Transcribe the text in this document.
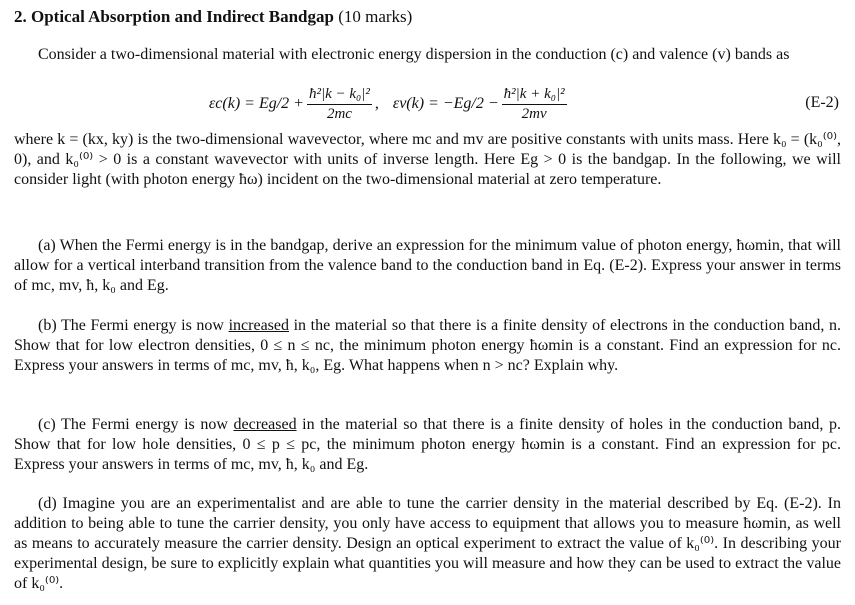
2. Optical Absorption and Indirect Bandgap (10 marks)
Consider a two-dimensional material with electronic energy dispersion in the conduction (c) and valence (v) bands as
$\varepsilon c(k) = Eg/2 + \frac{\text{ħ²|k − k₀|²}}{2mc}$ , $\varepsilon v(k) = -Eg/2 - \frac{\text{ħ²|k + k₀|²}}{2mv}$	(E-2)
where k = (kx, ky) is the two-dimensional wavevector, where mc and mv are positive constants with units mass. Here k₀ = (k₀⁽⁰⁾, 0), and k₀⁽⁰⁾ > 0 is a constant wavevector with units of inverse length. Here Eg > 0 is the bandgap. In the following, we will consider light (with photon energy ħω) incident on the two-dimensional material at zero temperature.
(a) When the Fermi energy is in the bandgap, derive an expression for the minimum value of photon energy, ħωmin, that will allow for a vertical interband transition from the valence band to the conduction band in Eq. (E-2). Express your answer in terms of mc, mv, ħ, k₀ and Eg.
(b) The Fermi energy is now increased in the material so that there is a finite density of electrons in the conduction band, n. Show that for low electron densities, 0 ≤ n ≤ nc, the minimum photon energy ħωmin is a constant. Find an expression for nc. Express your answers in terms of mc, mv, ħ, k₀, Eg. What happens when n > nc? Explain why.
(c) The Fermi energy is now decreased in the material so that there is a finite density of holes in the conduction band, p. Show that for low hole densities, 0 ≤ p ≤ pc, the minimum photon energy ħωmin is a constant. Find an expression for pc. Express your answers in terms of mc, mv, ħ, k₀ and Eg.
(d) Imagine you are an experimentalist and are able to tune the carrier density in the material described by Eq. (E-2). In addition to being able to tune the carrier density, you only have access to equipment that allows you to measure ħωmin, as well as means to accurately measure the carrier density. Design an optical experiment to extract the value of k₀⁽⁰⁾. In describing your experimental design, be sure to explicitly explain what quantities you will measure and how they can be used to extract the value of k₀⁽⁰⁾.
